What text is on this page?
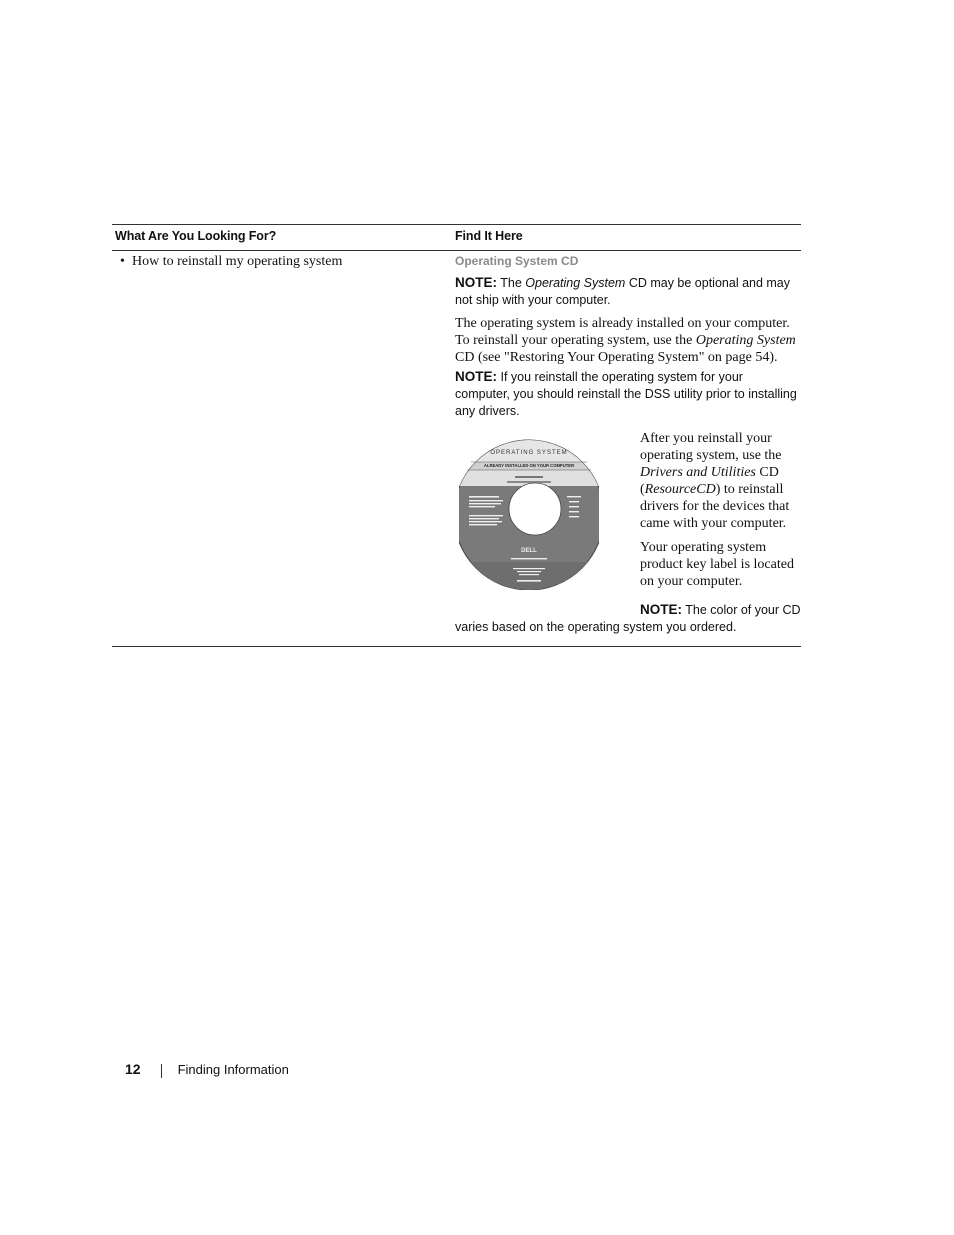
What Are You Looking For?	Find It Here
• How to reinstall my operating system	Operating System CD
NOTE: The Operating System CD may be optional and may not ship with your computer.
The operating system is already installed on your computer. To reinstall your operating system, use the Operating System CD (see "Restoring Your Operating System" on page 54).
NOTE: If you reinstall the operating system for your computer, you should reinstall the DSS utility prior to installing any drivers.
OPERATING SYSTEM
ALREADY INSTALLED ON YOUR COMPUTER
DELL
After you reinstall your operating system, use the Drivers and Utilities CD (ResourceCD) to reinstall drivers for the devices that came with your computer.
Your operating system product key label is located on your computer.
NOTE: The color of your CD varies based on the operating system you ordered.
12	Finding Information
